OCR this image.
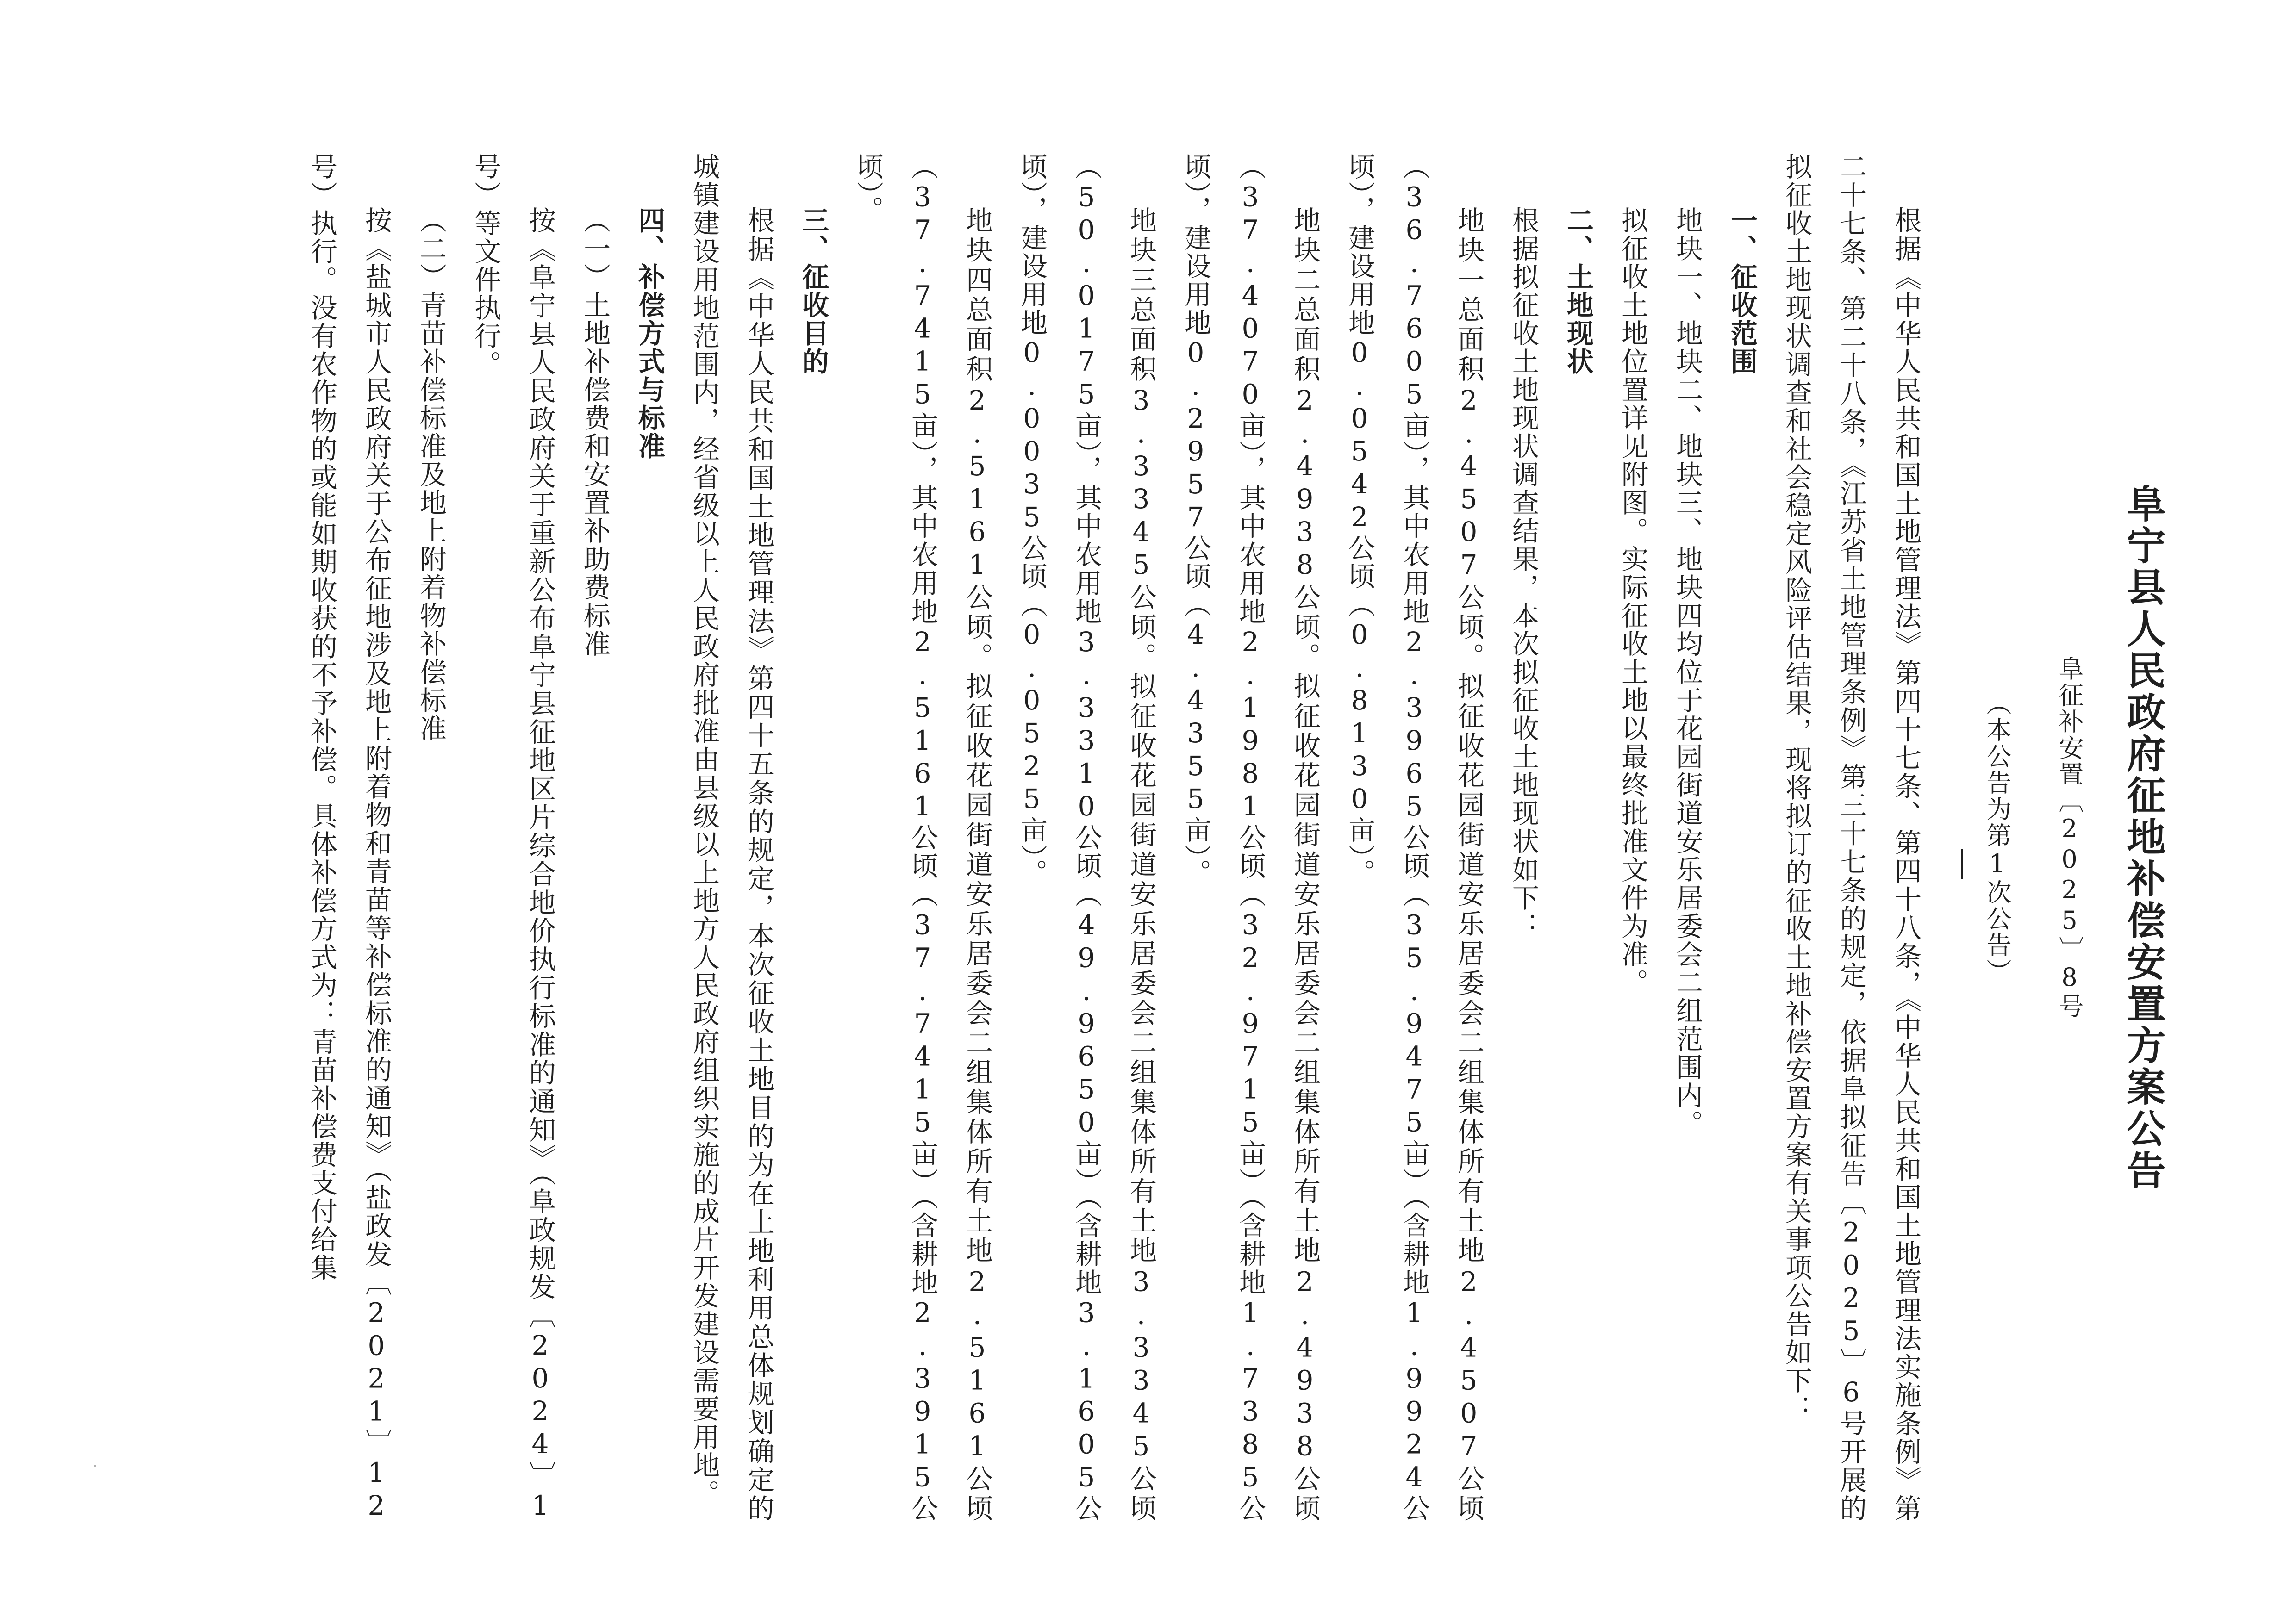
阜宁县人民政府征地补偿安置方案公告

阜征补安置〔2025〕8号

（本公告为第1次公告）

根据《中华人民共和国土地管理法》第四十七条、第四十八条，《中华人民共和国土地管理法实施条例》第二十七条、第二十八条，《江苏省土地管理条例》第三十七条的规定，依据阜拟征告〔2025〕6号开展的拟征收土地现状调查和社会稳定风险评估结果，现将拟订的征收土地补偿安置方案有关事项公告如下：

一、征收范围

地块一、地块二、地块三、地块四均位于花园街道安乐居委会二组范围内。

拟征收土地位置详见附图。实际征收土地以最终批准文件为准。

二、土地现状

根据拟征收土地现状调查结果，本次拟征收土地现状如下：

地块一总面积2.4507公顷。拟征收花园街道安乐居委会二组集体所有土地2.4507公顷（36.7605亩），其中农用地2.3965公顷（35.9475亩）（含耕地1.9924公顷），建设用地0.0542公顷（0.8130亩）。

地块二总面积2.4938公顷。拟征收花园街道安乐居委会二组集体所有土地2.4938公顷（37.4070亩），其中农用地2.1981公顷（32.9715亩）（含耕地1.7385公顷），建设用地0.2957公顷（4.4355亩）。

地块三总面积3.3345公顷。拟征收花园街道安乐居委会二组集体所有土地3.3345公顷（50.0175亩），其中农用地3.3310公顷（49.9650亩）（含耕地3.1605公顷），建设用地0.0035公顷（0.0525亩）。

地块四总面积2.5161公顷。拟征收花园街道安乐居委会二组集体所有土地2.5161公顷（37.7415亩），其中农用地2.5161公顷（37.7415亩）（含耕地2.3915公顷）。

三、征收目的

根据《中华人民共和国土地管理法》第四十五条的规定，本次征收土地目的为在土地利用总体规划确定的城镇建设用地范围内，经省级以上人民政府批准由县级以上地方人民政府组织实施的成片开发建设需要用地。

四、补偿方式与标准

（一）土地补偿费和安置补助费标准

按《阜宁县人民政府关于重新公布阜宁县征地区片综合地价执行标准的通知》（阜政规发〔2024〕1号）等文件执行。

（二）青苗补偿标准及地上附着物补偿标准

按《盐城市人民政府关于公布征地涉及地上附着物和青苗等补偿标准的通知》（盐政发〔2021〕12号）执行。没有农作物的或能如期收获的不予补偿。具体补偿方式为：青苗补偿费支付给集
